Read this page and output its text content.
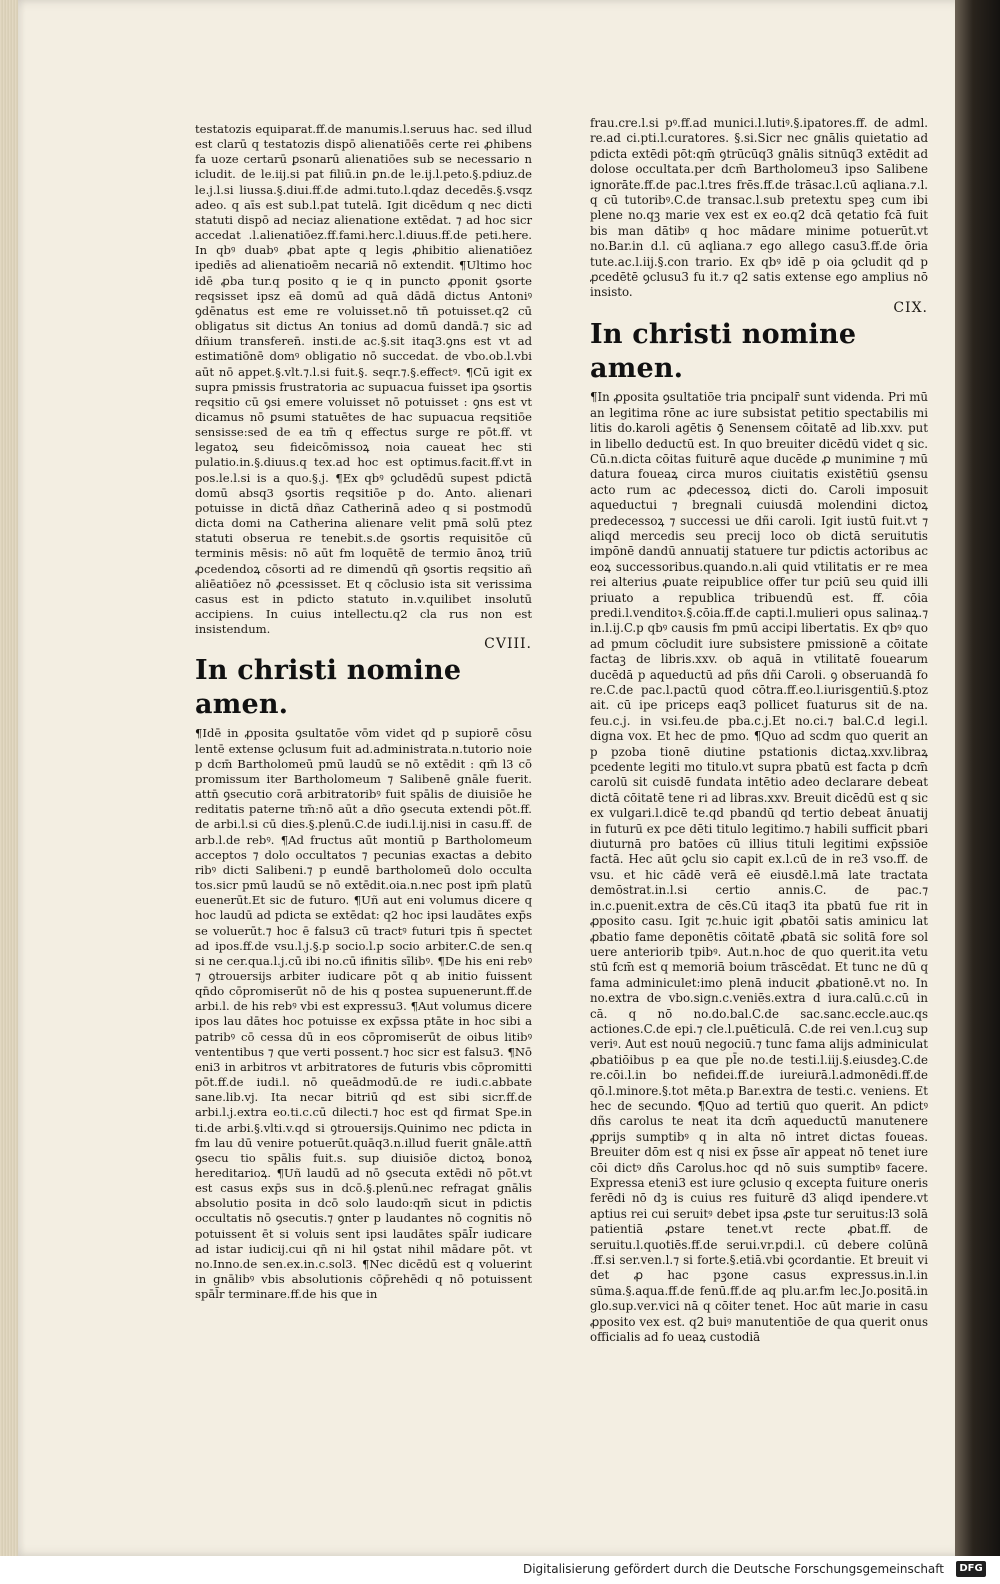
testatozis equiparat.ff.de manumis.l.seruus hac. sed illud est clarū q testatozis dispō alienatiōēs certe rei ꝓhibens fa uoze certarū ꝑsonarū alienatiōes sub se necessario n icludit. de le.iij.si pat filiū.in ꝑn.de le.ij.l.peto.§.pdiuz.de le.j.l.si liussa.§.diui.ff.de admi.tuto.l.qdaz decedēs.§.vsqz adeo. q aīs est sub.l.pat tutelā. Igit dicēdum q nec dicti statuti dispō ad neciaz alienatione extēdat. ⁊ ad hoc sicr accedat .l.alienatiōez.ff.fami.herc.l.diuus.ff.de peti.here. In qbꝰ duabꝰ ꝓbat apte q legis ꝓhibitio alienatiōez ipediēs ad alienatioēm necariā nō extendit. ¶Ultimo hoc idē ꝓba tur.q posito q ie q in puncto ꝓponit ꝯsorte reqsisset ipsz eā domū ad quā dādā dictus Antoniꝰ ꝯdēnatus est eme re voluisset.nō tn̄ potuisset.q2 cū obligatus sit dictus An tonius ad domū dandā.⁊ sic ad dñium transferen̄. insti.de ac.§.sit itaq3.ꝯns est vt ad estimatiōnē domꝰ obligatio nō succedat. de vbo.ob.l.vbi aūt nō appet.§.vlt.⁊.l.si fuit.§. seqr.⁊.§.effectꝰ. ¶Cū igit ex supra pmissis frustratoria ac supuacua fuisset ipa ꝯsortis reqsitio cū ꝯsi emere voluisset nō potuisset : ꝯns est vt dicamus nō ꝑsumi statuētes de hac supuacua reqsitiōe sensisse:sed de ea tm̄ q effectus surge re pōt.ff. vt legatoꝝ seu fideicōmissoꝝ noia caueat hec sti pulatio.in.§.diuus.q tex.ad hoc est optimus.facit.ff.vt in pos.le.l.si is a quo.§.j. ¶Ex qbꝰ ꝯcludēdū supest pdictā domū absq3 ꝯsortis reqsitiōe p do. Anto. alienari potuisse in dictā dñaz Catherinā adeo q si postmodū dicta domi na Catherina alienare velit pmā solū ptez statuti obserua re tenebit.s.de ꝯsortis requisitōe cū terminis mēsis: nō aūt fm loquētē de termio ānoꝝ triū ꝓcedendoꝝ cōsorti ad re dimendū qn̄ ꝯsortis reqsitio añ aliēatiōez nō ꝓcessisset. Et q cōclusio ista sit verissima casus est in pdicto statuto in.v.quilibet insolutū accipiens. In cuius intellectu.q2 cla rus non est insistendum.

CVIII.
In christi nomine amen.

¶Idē in ꝓposita ꝯsultatōe vōm videt qd p supiorē cōsu lentē extense ꝯclusum fuit ad.administrata.n.tutorio noie p dcm̄ Bartholomeū pmū laudū se nō extēdit : qm̄ l3 cō promissum iter Bartholomeum ⁊ Salibenē gnāle fuerit. attn̄ ꝯsecutio corā arbitratoribꝰ fuit spālis de diuisiōe he reditatis paterne tm̄:nō aūt a dño ꝯsecuta extendi pōt.ff. de arbi.l.si cū dies.§.plenū.C.de iudi.l.ij.nisi in casu.ff. de arb.l.de rebꝰ. ¶Ad fructus aūt montiū p Bartholomeum acceptos ⁊ dolo occultatos ⁊ pecunias exactas a debito ribꝰ dicti Salibeni.⁊ p eundē bartholomeū dolo occulta tos.sicr pmū laudū se nō extēdit.oia.n.nec post ipm̄ platū euenerūt.Et sic de futuro. ¶Uñ aut eni volumus dicere q hoc laudū ad pdicta se extēdat: q2 hoc ipsi laudātes exp̄s se voluerūt.⁊ hoc ē falsu3 cū tractꝰ futuri tpis n̄ spectet ad ipos.ff.de vsu.l.j.§.p socio.l.p socio arbiter.C.de sen.q si ne cer.qua.l.j.cū ibi no.cū ifinitis sīlibꝰ. ¶De his eni rebꝰ ⁊ ꝯtrouersijs arbiter iudicare pōt q ab initio fuissent qn̄do cōpromiserūt nō de his q postea supuenerunt.ff.de arbi.l. de his rebꝰ vbi est expressu3. ¶Aut volumus dicere ipos lau dātes hoc potuisse ex exp̄ssa ptāte in hoc sibi a patribꝰ cō cessa dū in eos cōpromiserūt de oibus litibꝰ vententibus ⁊ que verti possent.⁊ hoc sicr est falsu3. ¶Nō eni3 in arbitros vt arbitratores de futuris vbis cōpromitti pōt.ff.de iudi.l. nō queādmodū.de re iudi.c.abbate sane.lib.vj. Ita necar bitriū qd est sibi sicr.ff.de arbi.l.j.extra eo.ti.c.cū dilecti.⁊ hoc est qd firmat Spe.in ti.de arbi.§.vlti.v.qd si ꝯtrouersijs.Quinimo nec pdicta in fm lau dū venire potuerūt.quāq3.n.illud fuerit gnāle.attn̄ ꝯsecu tio spālis fuit.s. sup diuisiōe dictoꝝ bonoꝝ hereditarioꝝ. ¶Uñ laudū ad nō ꝯsecuta extēdi nō pōt.vt est casus exp̄s sus in dcō.§.plenū.nec refragat gnālis absolutio posita in dcō solo laudo:qm̄ sicut in pdictis occultatis nō ꝯsecutis.⁊ ꝯnter p laudantes nō cognitis nō potuissent ēt si voluis sent ipsi laudātes spāl̄r iudicare ad istar iudicij.cui qn̄ ni hil ꝯstat nihil mādare pōt. vt no.Inno.de sen.ex.in.c.sol3. ¶Nec dicēdū est q voluerint in gnālibꝰ vbis absolutionis cōp̄rehēdi q nō potuissent spāl̄r terminare.ff.de his que in

frau.cre.l.si pꝰ.ff.ad munici.l.lutiꝰ.§.ipatores.ff. de adml. re.ad ci.pti.l.curatores. §.si.Sicr nec gnālis quietatio ad pdicta extēdi pōt:qm̄ ꝯtrūcūq3 gnālis sitnūq3 extēdit ad dolose occultata.per dcm̄ Bartholomeu3 ipso Salibene ignorāte.ff.de pac.l.tres frēs.ff.de trāsac.l.cū aqliana.⁊.l. q cū tutoribꝰ.C.de transac.l.sub pretextu speꝫ cum ibi plene no.qꝫ marie vex est ex eo.q2 dcā qetatio fcā fuit bis man dātibꝰ q hoc mādare minime potuerūt.vt no.Bar.in d.l. cū aqliana.⁊ ego allego casu3.ff.de ōria tute.ac.l.iij.§.con trario. Ex qbꝰ idē p oia ꝯcludit qd p ꝓcedētē ꝯclusu3 fu it.⁊ q2 satis extense ego amplius nō insisto.

CIX.
In christi nomine amen.

¶In ꝓposita ꝯsultatiōe tria pncipalr̄ sunt videnda. Pri mū an legitima rōne ac iure subsistat petitio spectabilis mi litis do.karoli agētis ꝯ̄ Senensem cōitatē ad lib.xxv. put in libello deductū est. In quo breuiter dicēdū videt q sic. Cū.n.dicta cōitas fuiturē aque ducēde ꝓ munimine ⁊ mū datura foueaꝝ circa muros ciuitatis existētiū ꝯsensu acto rum ac ꝓdecessoꝝ dicti do. Caroli imposuit aqueductui ⁊ bregnali cuiusdā molendini dictoꝝ predecessoꝝ ⁊ successi ue dñi caroli. Igit iustū fuit.vt ⁊ aliqd mercedis seu precij loco ob dictā seruitutis impōnē dandū annuatij statuere tur pdictis actoribus ac eoꝝ successoribus.quando.n.ali quid vtilitatis er re mea rei alterius ꝓuate reipublice offer tur pciū seu quid illi priuato a republica tribuendū est. ff. cōia predi.l.venditoꝛ.§.cōia.ff.de capti.l.mulieri opus salinaꝝ.⁊ in.l.ij.C.p qbꝰ causis fm pmū accipi libertatis. Ex qbꝰ quo ad pmum cōcludit iure subsistere pmissionē a cōitate factaꝫ de libris.xxv. ob aquā in vtilitatē fouearum ducēdā p aqueductū ad pñs dñi Caroli. ꝯ obseruandā fo re.C.de pac.l.pactū quod cōtra.ff.eo.l.iurisgentiū.§.ptoz ait. cū ipe priceps eaq3 pollicet fuaturus sit de na. feu.c.j. in vsi.feu.de pba.c.j.Et no.ci.⁊ bal.C.d legi.l. digna vox. Et hec de pmo. ¶Quo ad scdm quo querit an p pzoba tionē diutine pstationis dictaꝝ.xxv.libraꝝ pcedente legiti mo titulo.vt supra pbatū est facta p dcm̄ carolū sit cuisdē fundata intētio adeo declarare debeat dictā cōitatē tene ri ad libras.xxv. Breuit dicēdū est q sic ex vulgari.l.dicē te.qd pbandū qd tertio debeat ānuatij in futurū ex pce dēti titulo legitimo.⁊ habili sufficit pbari diuturnā pro batōes cū illius tituli legitimi exp̄ssiōe factā. Hec aūt ꝯclu sio capit ex.l.cū de in re3 vso.ff. de vsu. et hic cādē verā eē eiusdē.l.mā late tractata demōstrat.in.l.si certio annis.C. de pac.⁊ in.c.puenit.extra de cēs.Cū itaq3 ita pbatū fue rit in ꝓposito casu. Igit ⁊c.huic igit ꝓbatōi satis aminicu lat ꝓbatio fame deponētis cōitatē ꝓbatā sic solitā fore sol uere anteriorib tpibꝰ. Aut.n.hoc de quo querit.ita vetu stū fcm̄ est q memoriā boium trāscēdat. Et tunc ne dū q fama adminiculet:imo plenā inducit ꝓbationē.vt no. In no.extra de vbo.sign.c.veniēs.extra d iura.calū.c.cū in cā. q nō no.do.bal.C.de sac.sanc.eccle.auc.qs actiones.C.de epi.⁊ cle.l.puēticulā. C.de rei ven.l.cuꝫ sup veriꝰ. Aut est nouū negociū.⁊ tunc fama alijs adminiculat ꝓbatiōibus p ea que pl̄e no.de testi.l.iij.§.eiusdeꝫ.C.de re.cōi.l.in bo nefidei.ff.de iureiurā.l.admonēdi.ff.de qō.l.minore.§.tot mēta.p Bar.extra de testi.c. veniens. Et hec de secundo. ¶Quo ad tertiū quo querit. An pdictꝰ dñs carolus te neat ita dcm̄ aqueductū manutenere ꝓprijs sumptibꝰ q in alta nō intret dictas foueas. Breuiter dōm est q nisi ex p̄sse aīr appeat nō tenet iure cōi dictꝰ dñs Carolus.hoc qd nō suis sumptibꝰ facere. Expressa eteni3 est iure ꝯclusio q excepta fuiture oneris ferēdi nō dꝫ is cuius res fuiturē d3 aliqd ipendere.vt aptius rei cui seruitꝰ debet ipsa ꝓste tur seruitus:l3 solā patientiā ꝓstare tenet.vt recte ꝓbat.ff. de seruitu.l.quotiēs.ff.de serui.vr.pdi.l. cū debere colūnā .ff.si ser.ven.l.⁊ si forte.§.etiā.vbi ꝯcordantie. Et breuit vi det ꝓ hac pꝫone casus expressus.in.l.in sūma.§.aqua.ff.de fenū.ff.de aq plu.ar.fm lec.Jo.positā.in glo.sup.ver.vici nā q cōiter tenet. Hoc aūt marie in casu ꝓposito vex est. q2 buiꝰ manutentiōe de qua querit onus officialis ad fo ueaꝝ custodiā

Digitalisierung gefördert durch die Deutsche Forschungsgemeinschaft	DFG
